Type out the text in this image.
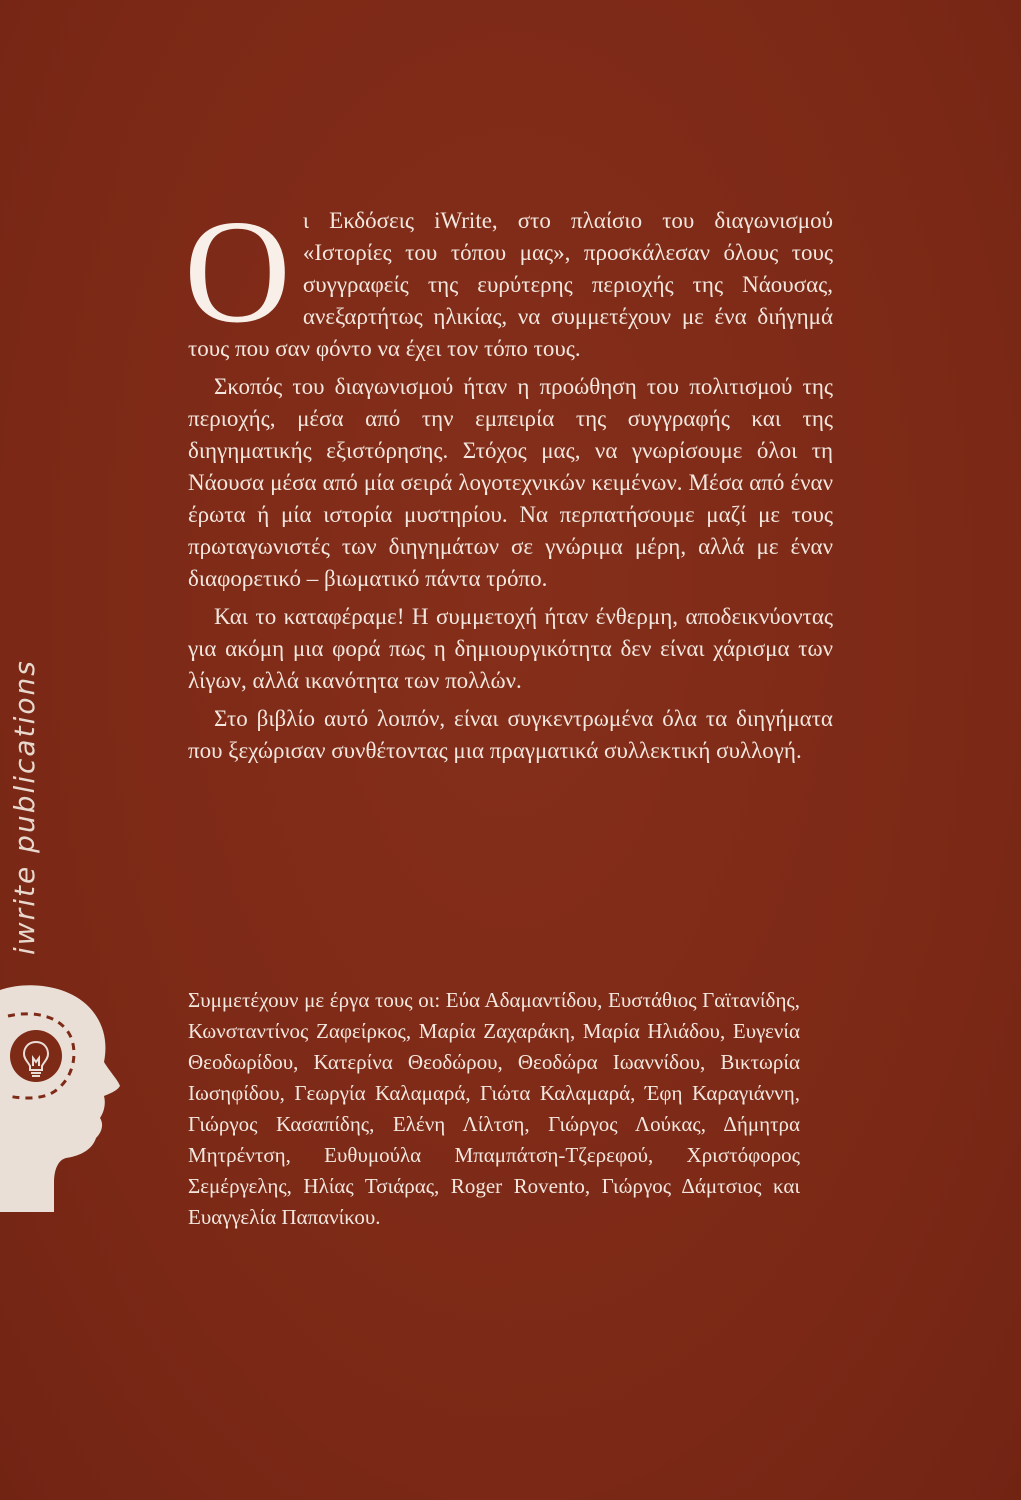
iwritepublications

Οι Εκδόσεις iWrite, στο πλαίσιο του διαγωνισμού «Ιστορίες του τόπου μας», προσκάλεσαν όλους τους συγγραφείς της ευρύτερης περιοχής της Νάουσας, ανεξαρτήτως ηλικίας, να συμμετέχουν με ένα διήγημά τους που σαν φόντο να έχει τον τόπο τους.

Σκοπός του διαγωνισμού ήταν η προώθηση του πολιτισμού της περιοχής, μέσα από την εμπειρία της συγγραφής και της διηγηματικής εξιστόρησης. Στόχος μας, να γνωρίσουμε όλοι τη Νάουσα μέσα από μία σειρά λογοτεχνικών κειμένων. Μέσα από έναν έρωτα ή μία ιστορία μυστηρίου. Να περπατήσουμε μαζί με τους πρωταγωνιστές των διηγημάτων σε γνώριμα μέρη, αλλά με έναν διαφορετικό – βιωματικό πάντα τρόπο.

Και το καταφέραμε! Η συμμετοχή ήταν ένθερμη, αποδεικνύοντας για ακόμη μια φορά πως η δημιουργικότητα δεν είναι χάρισμα των λίγων, αλλά ικανότητα των πολλών.

Στο βιβλίο αυτό λοιπόν, είναι συγκεντρωμένα όλα τα διηγήματα που ξεχώρισαν συνθέτοντας μια πραγματικά συλλεκτική συλλογή.

Συμμετέχουν με έργα τους οι: Εύα Αδαμαντίδου, Ευστάθιος Γαϊτανίδης, Κωνσταντίνος Ζαφείρκος, Μαρία Ζαχαράκη, Μαρία Ηλιάδου, Ευγενία Θεοδωρίδου, Κατερίνα Θεοδώρου, Θεοδώρα Ιωαννίδου, Βικτωρία Ιωσηφίδου, Γεωργία Καλαμαρά, Γιώτα Καλαμαρά, Έφη Καραγιάννη, Γιώργος Κασαπίδης, Ελένη Λίλτση, Γιώργος Λούκας, Δήμητρα Μητρέντση, Ευθυμούλα Μπαμπάτση-Τζερεφού, Χριστόφορος Σεμέργελης, Ηλίας Τσιάρας, Roger Rovento, Γιώργος Δάμτσιος και Ευαγγελία Παπανίκου.
